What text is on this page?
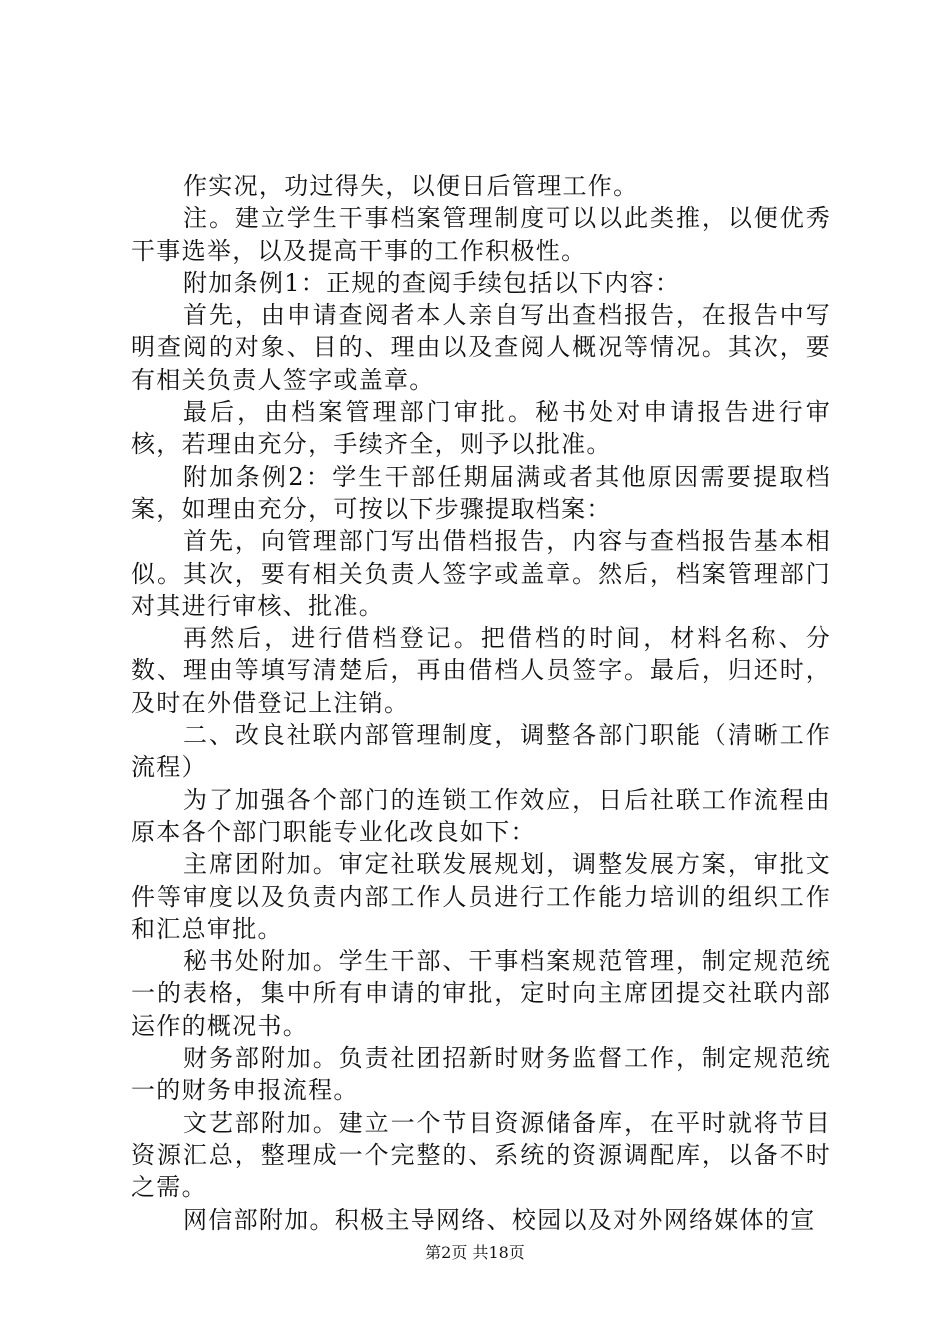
作实况，功过得失，以便日后管理工作。

注。建立学生干事档案管理制度可以以此类推，以便优秀干事选举，以及提高干事的工作积极性。

附加条例1：正规的查阅手续包括以下内容：

首先，由申请查阅者本人亲自写出查档报告，在报告中写明查阅的对象、目的、理由以及查阅人概况等情况。其次，要有相关负责人签字或盖章。

最后，由档案管理部门审批。秘书处对申请报告进行审核，若理由充分，手续齐全，则予以批准。

附加条例2：学生干部任期届满或者其他原因需要提取档案，如理由充分，可按以下步骤提取档案：

首先，向管理部门写出借档报告，内容与查档报告基本相似。其次，要有相关负责人签字或盖章。然后，档案管理部门对其进行审核、批准。

再然后，进行借档登记。把借档的时间，材料名称、分数、理由等填写清楚后，再由借档人员签字。最后，归还时，及时在外借登记上注销。

二、改良社联内部管理制度，调整各部门职能（清晰工作流程）

为了加强各个部门的连锁工作效应，日后社联工作流程由原本各个部门职能专业化改良如下：

主席团附加。审定社联发展规划，调整发展方案，审批文件等审度以及负责内部工作人员进行工作能力培训的组织工作和汇总审批。

秘书处附加。学生干部、干事档案规范管理，制定规范统一的表格，集中所有申请的审批，定时向主席团提交社联内部运作的概况书。

财务部附加。负责社团招新时财务监督工作，制定规范统一的财务申报流程。

文艺部附加。建立一个节目资源储备库，在平时就将节目资源汇总，整理成一个完整的、系统的资源调配库，以备不时之需。

网信部附加。积极主导网络、校园以及对外网络媒体的宣

第2页 共18页
